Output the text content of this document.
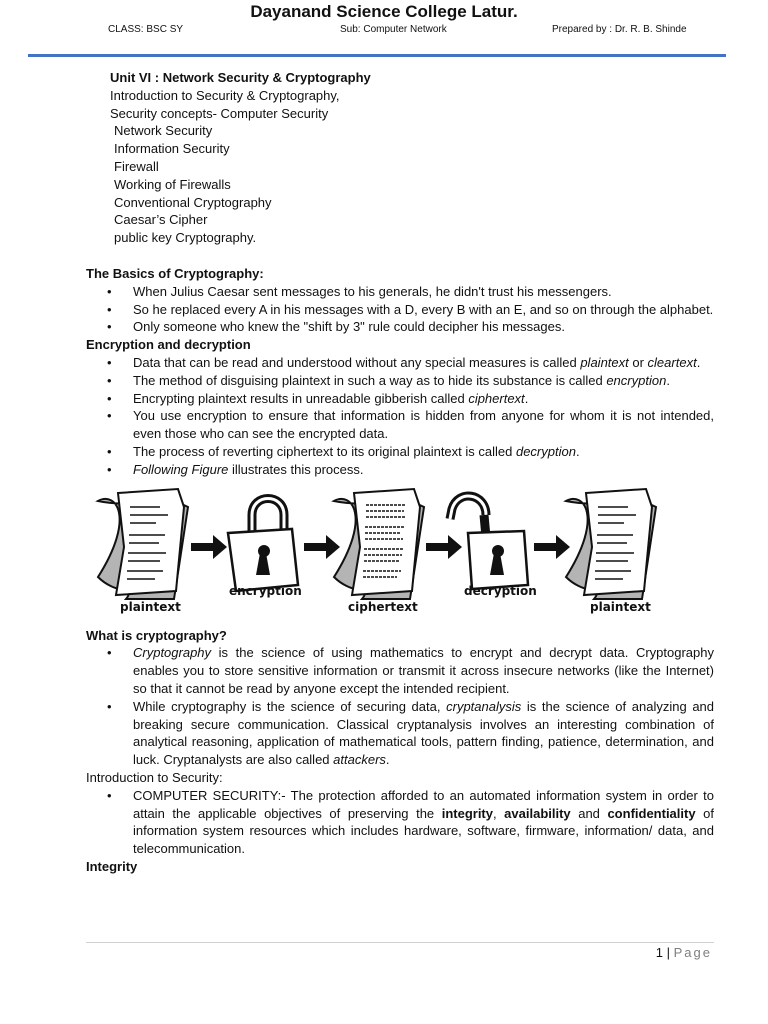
Dayanand Science College Latur.
CLASS: BSC SY	Sub: Computer Network	Prepared by : Dr. R. B. Shinde
Unit VI : Network Security & Cryptography
Introduction to Security & Cryptography,
Security concepts- Computer Security
Network Security
Information Security
Firewall
Working of Firewalls
Conventional Cryptography
Caesar’s Cipher
public key Cryptography.
The Basics of Cryptography:
• When Julius Caesar sent messages to his generals, he didn't trust his messengers.
• So he replaced every A in his messages with a D, every B with an E, and so on through the alphabet.
• Only someone who knew the "shift by 3" rule could decipher his messages.
Encryption and decryption
• Data that can be read and understood without any special measures is called plaintext or cleartext.
• The method of disguising plaintext in such a way as to hide its substance is called encryption.
• Encrypting plaintext results in unreadable gibberish called ciphertext.
• You use encryption to ensure that information is hidden from anyone for whom it is not intended, even those who can see the encrypted data.
• The process of reverting ciphertext to its original plaintext is called decryption.
• Following Figure illustrates this process.
plaintext
encryption
ciphertext
decryption
plaintext
What is cryptography?
• Cryptography is the science of using mathematics to encrypt and decrypt data. Cryptography enables you to store sensitive information or transmit it across insecure networks (like the Internet) so that it cannot be read by anyone except the intended recipient.
• While cryptography is the science of securing data, cryptanalysis is the science of analyzing and breaking secure communication. Classical cryptanalysis involves an interesting combination of analytical reasoning, application of mathematical tools, pattern finding, patience, determination, and luck. Cryptanalysts are also called attackers.
Introduction to Security:
• COMPUTER SECURITY:- The protection afforded to an automated information system in order to attain the applicable objectives of preserving the integrity, availability and confidentiality of information system resources which includes hardware, software, firmware, information/ data, and telecommunication.
Integrity
1 | Page
